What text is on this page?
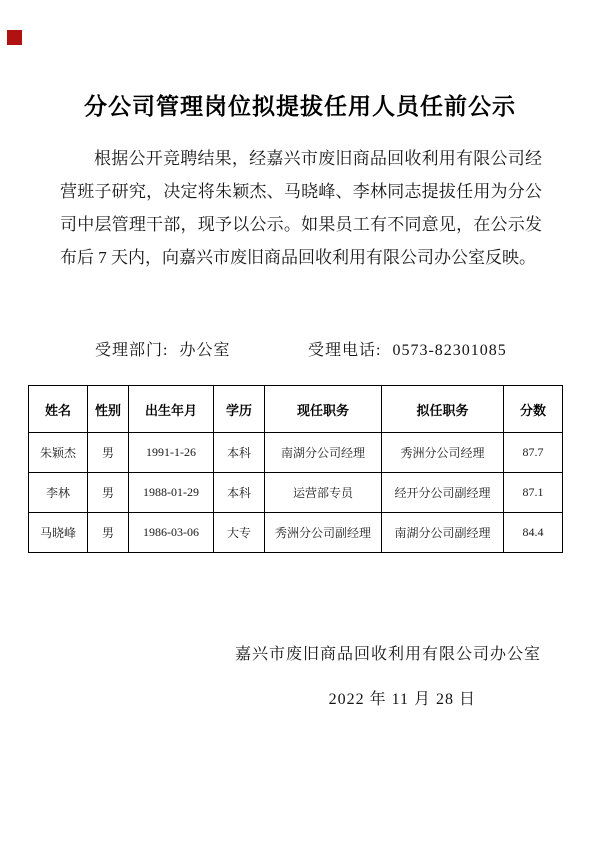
分公司管理岗位拟提拔任用人员任前公示

根据公开竞聘结果，经嘉兴市废旧商品回收利用有限公司经营班子研究，决定将朱颖杰、马晓峰、李林同志提拔任用为分公司中层管理干部，现予以公示。如果员工有不同意见，在公示发布后 7 天内，向嘉兴市废旧商品回收利用有限公司办公室反映。

受理部门: 办公室	受理电话: 0573-82301085
姓名	性别	出生年月	学历	现任职务	拟任职务	分数
朱颖杰	男	1991-1-26	本科	南湖分公司经理	秀洲分公司经理	87.7
李林	男	1988-01-29	本科	运营部专员	经开分公司副经理	87.1
马晓峰	男	1986-03-06	大专	秀洲分公司副经理	南湖分公司副经理	84.4
嘉兴市废旧商品回收利用有限公司办公室
2022 年 11 月 28 日
